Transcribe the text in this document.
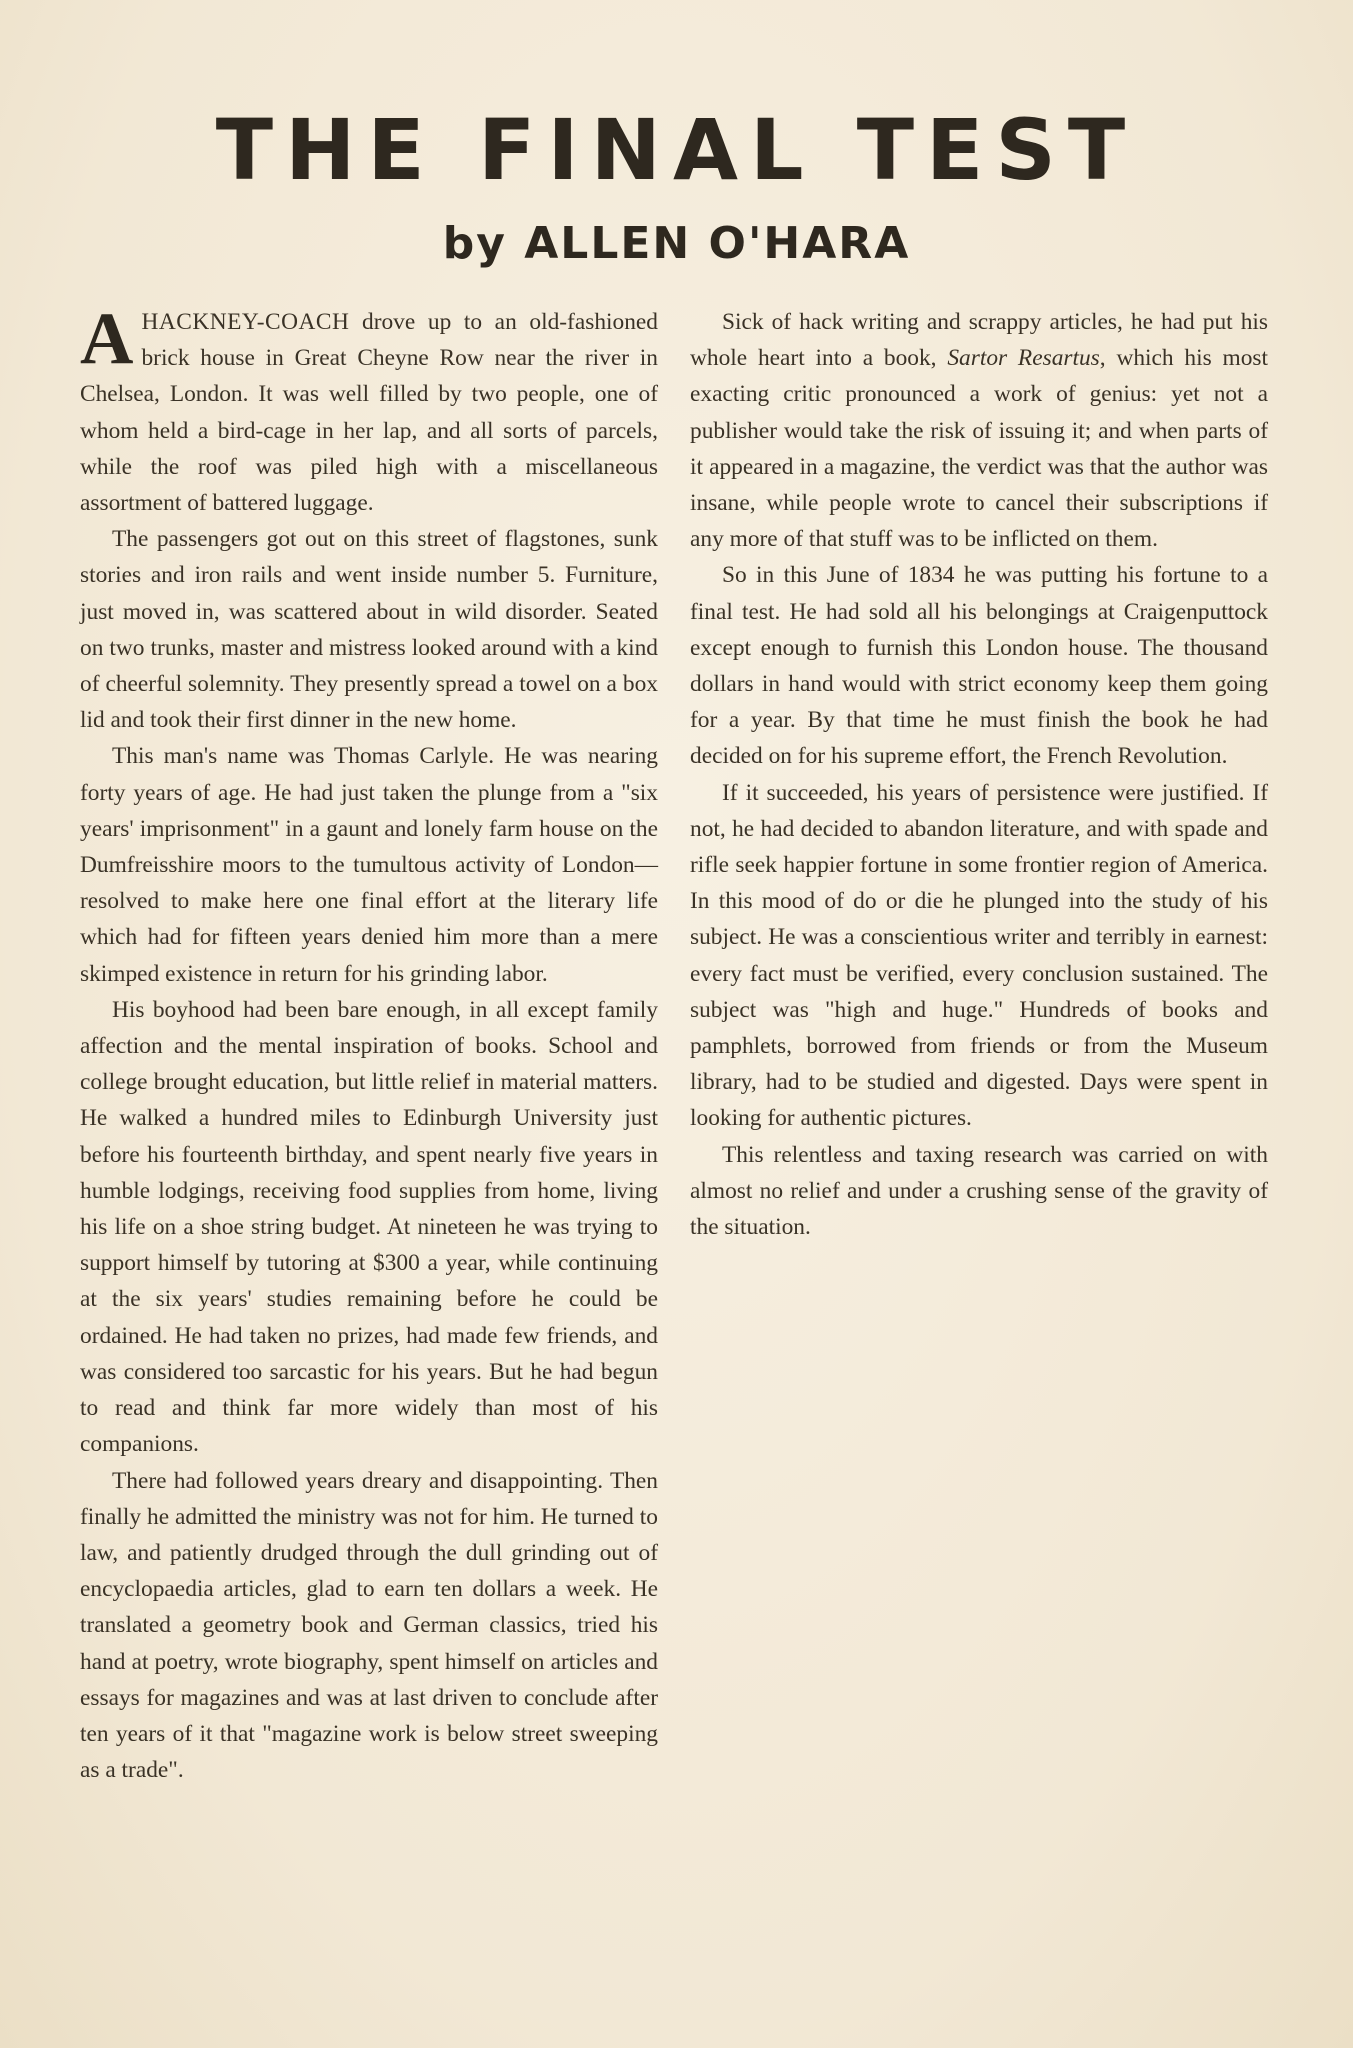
THE FINAL TEST
by ALLEN O'HARA

AHACKNEY-COACH drove up to an old-fashioned brick house in Great Cheyne Row near the river in Chelsea, London. It was well filled by two people, one of whom held a bird-cage in her lap, and all sorts of parcels, while the roof was piled high with a miscellaneous assortment of battered luggage.

The passengers got out on this street of flagstones, sunk stories and iron rails and went inside number 5. Furniture, just moved in, was scattered about in wild disorder. Seated on two trunks, master and mistress looked around with a kind of cheerful solemnity. They presently spread a towel on a box lid and took their first dinner in the new home.

This man's name was Thomas Carlyle. He was nearing forty years of age. He had just taken the plunge from a "six years' imprisonment" in a gaunt and lonely farm house on the Dumfreisshire moors to the tumultous activity of London—resolved to make here one final effort at the literary life which had for fifteen years denied him more than a mere skimped existence in return for his grinding labor.

His boyhood had been bare enough, in all except family affection and the mental inspiration of books. School and college brought education, but little relief in material matters. He walked a hundred miles to Edinburgh University just before his fourteenth birthday, and spent nearly five years in humble lodgings, receiving food supplies from home, living his life on a shoe string budget. At nineteen he was trying to support himself by tutoring at $300 a year, while continuing at the six years' studies remaining before he could be ordained. He had taken no prizes, had made few friends, and was considered too sarcastic for his years. But he had begun to read and think far more widely than most of his companions.

There had followed years dreary and disappointing. Then finally he admitted the ministry was not for him. He turned to law, and patiently drudged through the dull grinding out of encyclopaedia articles, glad to earn ten dollars a week. He translated a geometry book and German classics, tried his hand at poetry, wrote biography, spent himself on articles and essays for magazines and was at last driven to conclude after ten years of it that "magazine work is below street sweeping as a trade".

Sick of hack writing and scrappy articles, he had put his whole heart into a book, Sartor Resartus, which his most exacting critic pronounced a work of genius: yet not a publisher would take the risk of issuing it; and when parts of it appeared in a magazine, the verdict was that the author was insane, while people wrote to cancel their subscriptions if any more of that stuff was to be inflicted on them.

So in this June of 1834 he was putting his fortune to a final test. He had sold all his belongings at Craigenputtock except enough to furnish this London house. The thousand dollars in hand would with strict economy keep them going for a year. By that time he must finish the book he had decided on for his supreme effort, the French Revolution.

If it succeeded, his years of persistence were justified. If not, he had decided to abandon literature, and with spade and rifle seek happier fortune in some frontier region of America. In this mood of do or die he plunged into the study of his subject. He was a conscientious writer and terribly in earnest: every fact must be verified, every conclusion sustained. The subject was "high and huge." Hundreds of books and pamphlets, borrowed from friends or from the Museum library, had to be studied and digested. Days were spent in looking for authentic pictures.

This relentless and taxing research was carried on with almost no relief and under a crushing sense of the gravity of the situation.
